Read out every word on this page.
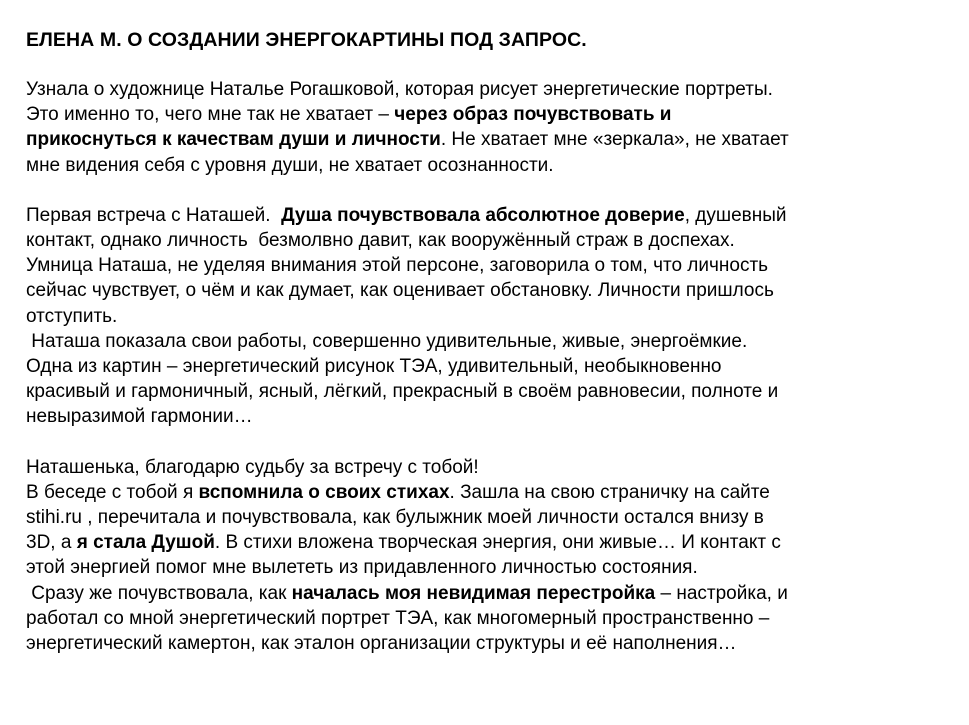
ЕЛЕНА М. О СОЗДАНИИ ЭНЕРГОКАРТИНЫ ПОД ЗАПРОС.

Узнала о художнице Наталье Рогашковой, которая рисует энергетические портреты.
Это именно то, чего мне так не хватает – через образ почувствовать и
прикоснуться к качествам души и личности. Не хватает мне «зеркала», не хватает
мне видения себя с уровня души, не хватает осознанности.

Первая встреча с Наташей.  Душа почувствовала абсолютное доверие, душевный
контакт, однако личность  безмолвно давит, как вооружённый страж в доспехах.
Умница Наташа, не уделяя внимания этой персоне, заговорила о том, что личность
сейчас чувствует, о чём и как думает, как оценивает обстановку. Личности пришлось
отступить.
Наташа показала свои работы, совершенно удивительные, живые, энергоёмкие.
Одна из картин – энергетический рисунок ТЭА, удивительный, необыкновенно
красивый и гармоничный, ясный, лёгкий, прекрасный в своём равновесии, полноте и
невыразимой гармонии…

Наташенька, благодарю судьбу за встречу с тобой!
В беседе с тобой я вспомнила о своих стихах. Зашла на свою страничку на сайте
stihi.ru , перечитала и почувствовала, как булыжник моей личности остался внизу в
3D, а я стала Душой. В стихи вложена творческая энергия, они живые… И контакт с
этой энергией помог мне вылететь из придавленного личностью состояния.
Сразу же почувствовала, как началась моя невидимая перестройка – настройка, и
работал со мной энергетический портрет ТЭА, как многомерный пространственно –
энергетический камертон, как эталон организации структуры и её наполнения…
